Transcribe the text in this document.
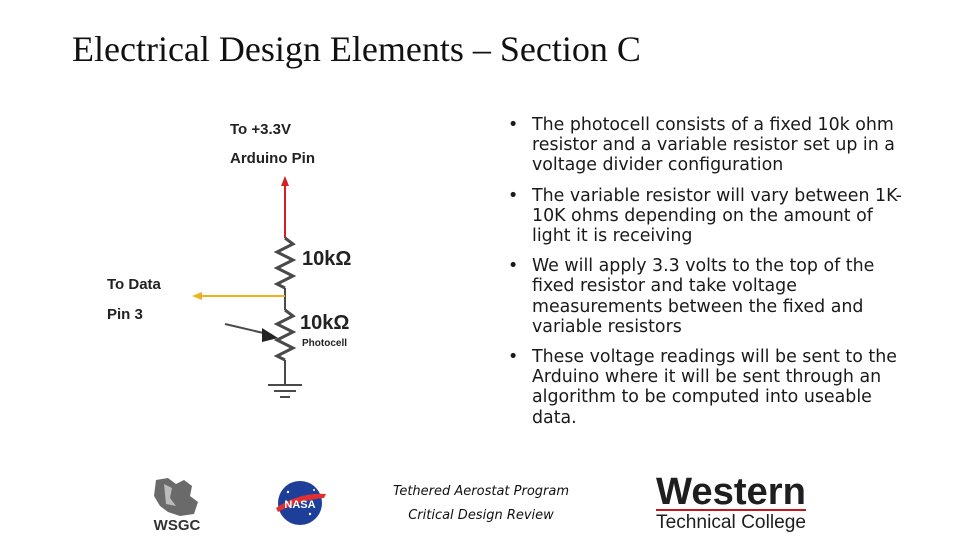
Electrical Design Elements – Section C
To +3.3V
Arduino Pin
To Data
Pin 3
10kΩ
10kΩ
Photocell
• The photocell consists of a fixed 10k ohm resistor and a variable resistor set up in a voltage divider configuration
• The variable resistor will vary between 1K-10K ohms depending on the amount of light it is receiving
• We will apply 3.3 volts to the top of the fixed resistor and take voltage measurements between the fixed and variable resistors
• These voltage readings will be sent to the Arduino where it will be sent through an algorithm to be computed into useable data.
Tethered Aerostat Program
Critical Design Review
WSGC
NASA	Western
Technical College
